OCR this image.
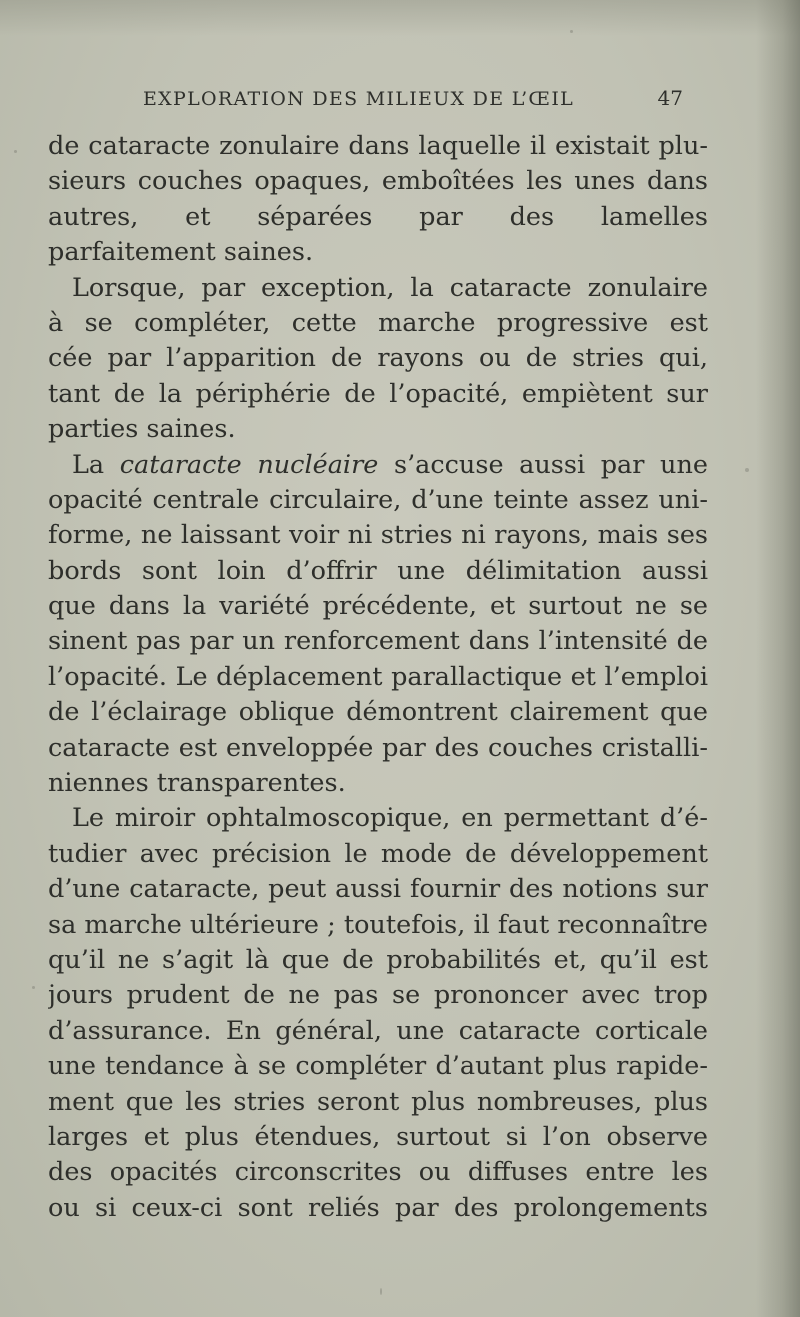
EXPLORATION DES MILIEUX DE L’ŒIL	47
de cataracte zonulaire dans laquelle il existait plu-
sieurs couches opaques, emboîtées les unes dans
autres, et séparées par des lamelles
parfaitement saines.
Lorsque, par exception, la cataracte zonulaire
à se compléter, cette marche progressive est
cée par l’apparition de rayons ou de stries qui,
tant de la périphérie de l’opacité, empiètent sur
parties saines.
La cataracte nucléaire s’accuse aussi par une
opacité centrale circulaire, d’une teinte assez uni-
forme, ne laissant voir ni stries ni rayons, mais ses
bords sont loin d’offrir une délimitation aussi
que dans la variété précédente, et surtout ne se
sinent pas par un renforcement dans l’intensité de
l’opacité. Le déplacement parallactique et l’emploi
de l’éclairage oblique démontrent clairement que
cataracte est enveloppée par des couches cristalli-
niennes transparentes.
Le miroir ophtalmoscopique, en permettant d’é-
tudier avec précision le mode de développement
d’une cataracte, peut aussi fournir des notions sur
sa marche ultérieure ; toutefois, il faut reconnaître
qu’il ne s’agit là que de probabilités et, qu’il est
jours prudent de ne pas se prononcer avec trop
d’assurance. En général, une cataracte corticale
une tendance à se compléter d’autant plus rapide-
ment que les stries seront plus nombreuses, plus
larges et plus étendues, surtout si l’on observe
des opacités circonscrites ou diffuses entre les
ou si ceux-ci sont reliés par des prolongements
